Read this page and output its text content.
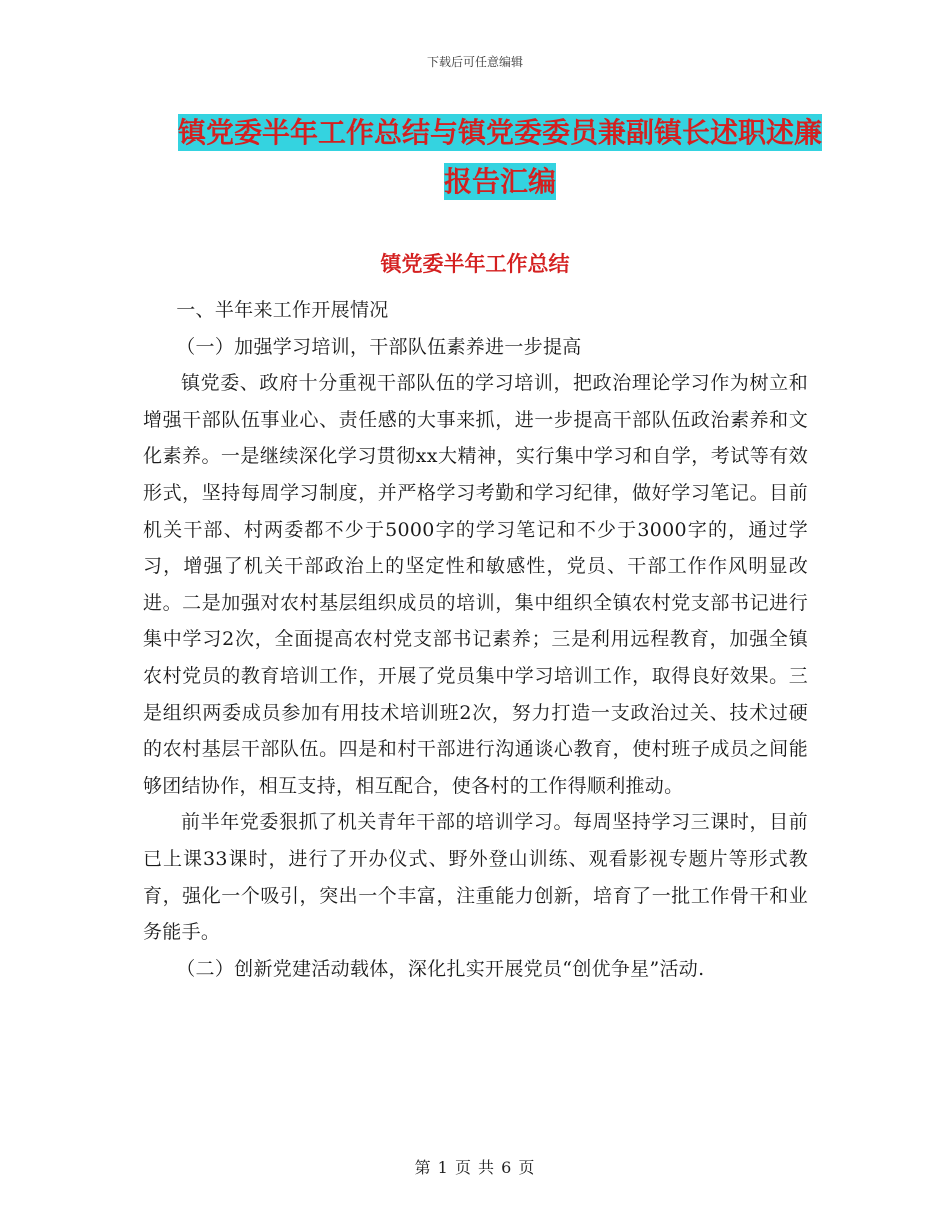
下载后可任意编辑
镇党委半年工作总结与镇党委委员兼副镇长述职述廉
报告汇编
镇党委半年工作总结

一、半年来工作开展情况

（一）加强学习培训，干部队伍素养进一步提高

镇党委、政府十分重视干部队伍的学习培训，把政治理论学习作为树立和增强干部队伍事业心、责任感的大事来抓，进一步提高干部队伍政治素养和文化素养。一是继续深化学习贯彻xx大精神，实行集中学习和自学，考试等有效形式，坚持每周学习制度，并严格学习考勤和学习纪律，做好学习笔记。目前机关干部、村两委都不少于5000字的学习笔记和不少于3000字的，通过学习，增强了机关干部政治上的坚定性和敏感性，党员、干部工作作风明显改进。二是加强对农村基层组织成员的培训，集中组织全镇农村党支部书记进行集中学习2次，全面提高农村党支部书记素养；三是利用远程教育，加强全镇农村党员的教育培训工作，开展了党员集中学习培训工作，取得良好效果。三是组织两委成员参加有用技术培训班2次，努力打造一支政治过关、技术过硬的农村基层干部队伍。四是和村干部进行沟通谈心教育，使村班子成员之间能够团结协作，相互支持，相互配合，使各村的工作得顺利推动。

前半年党委狠抓了机关青年干部的培训学习。每周坚持学习三课时，目前已上课33课时，进行了开办仪式、野外登山训练、观看影视专题片等形式教育，强化一个吸引，突出一个丰富，注重能力创新，培育了一批工作骨干和业务能手。

（二）创新党建活动载体，深化扎实开展党员“创优争星”活动.

第 1 页 共 6 页
